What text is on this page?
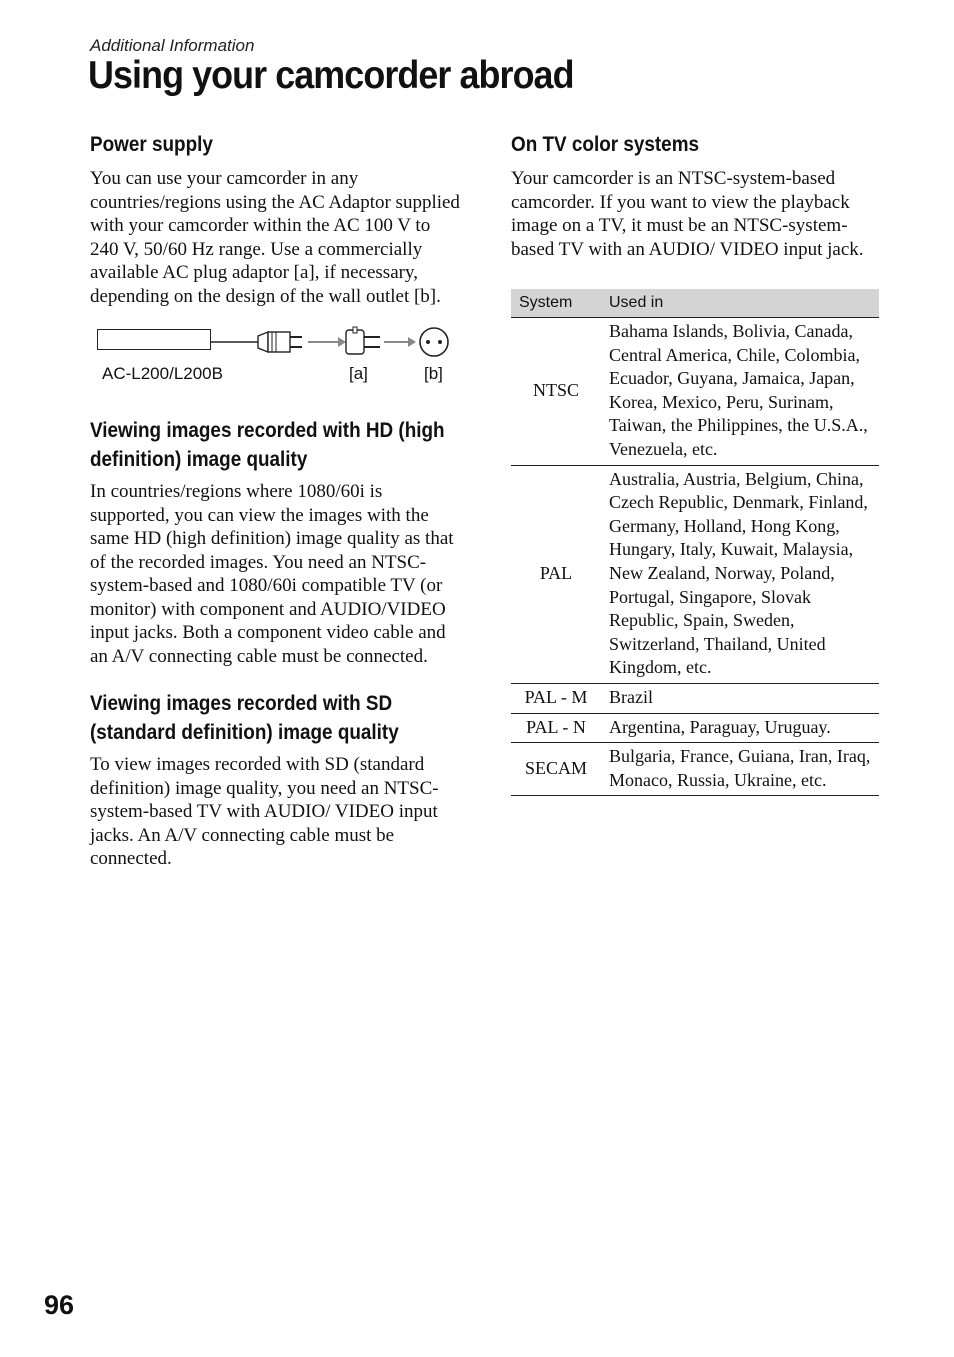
Additional Information
Using your camcorder abroad
Power supply

You can use your camcorder in any countries/regions using the AC Adaptor supplied with your camcorder within the AC 100 V to 240 V, 50/60 Hz range. Use a commercially available AC plug adaptor [a], if necessary, depending on the design of the wall outlet [b].

AC-L200/L200B	[a]	[b]
Viewing images recorded with HD (high definition) image quality

In countries/regions where 1080/60i is supported, you can view the images with the same HD (high definition) image quality as that of the recorded images. You need an NTSC-system-based and 1080/60i compatible TV (or monitor) with component and AUDIO/VIDEO input jacks. Both a component video cable and an A/V connecting cable must be connected.

Viewing images recorded with SD (standard definition) image quality

To view images recorded with SD (standard definition) image quality, you need an NTSC-system-based TV with AUDIO/ VIDEO input jacks. An A/V connecting cable must be connected.

On TV color systems

Your camcorder is an NTSC-system-based camcorder. If you want to view the playback image on a TV, it must be an NTSC-system-based TV with an AUDIO/ VIDEO input jack.

System	Used in
NTSC	Bahama Islands, Bolivia, Canada, Central America, Chile, Colombia, Ecuador, Guyana, Jamaica, Japan, Korea, Mexico, Peru, Surinam, Taiwan, the Philippines, the U.S.A., Venezuela, etc.
PAL	Australia, Austria, Belgium, China, Czech Republic, Denmark, Finland, Germany, Holland, Hong Kong, Hungary, Italy, Kuwait, Malaysia, New Zealand, Norway, Poland, Portugal, Singapore, Slovak Republic, Spain, Sweden, Switzerland, Thailand, United Kingdom, etc.
PAL - M	Brazil
PAL - N	Argentina, Paraguay, Uruguay.
SECAM	Bulgaria, France, Guiana, Iran, Iraq, Monaco, Russia, Ukraine, etc.
96
